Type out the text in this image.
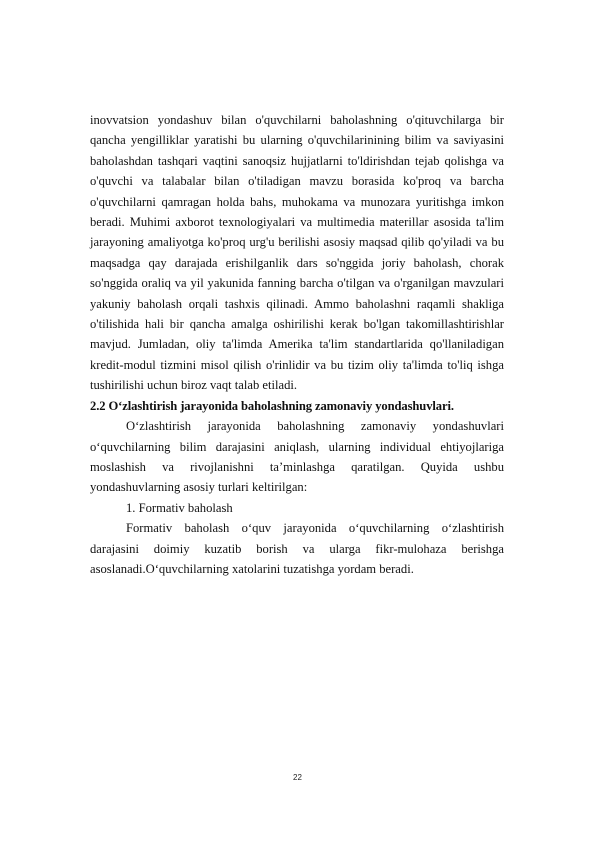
inovvatsion yondashuv bilan o'quvchilarni baholashning o'qituvchilarga bir qancha yengilliklar yaratishi bu ularning o'quvchilarinining bilim va saviyasini baholashdan tashqari vaqtini sanoqsiz hujjatlarni to'ldirishdan tejab qolishga va o'quvchi va talabalar bilan o'tiladigan mavzu borasida ko'proq va barcha o'quvchilarni qamragan holda bahs, muhokama va munozara yuritishga imkon beradi. Muhimi axborot texnologiyalari va multimedia materillar asosida ta'lim jarayoning amaliyotga ko'proq urg'u berilishi asosiy maqsad qilib qo'yiladi va bu maqsadga qay darajada erishilganlik dars so'nggida joriy baholash, chorak so'nggida oraliq va yil yakunida fanning barcha o'tilgan va o'rganilgan mavzulari yakuniy baholash orqali tashxis qilinadi. Ammo baholashni raqamli shakliga o'tilishida hali bir qancha amalga oshirilishi kerak bo'lgan takomillashtirishlar mavjud. Jumladan, oliy ta'limda Amerika ta'lim standartlarida qo'llaniladigan kredit-modul tizmini misol qilish o'rinlidir va bu tizim oliy ta'limda to'liq ishga tushirilishi uchun biroz vaqt talab etiladi.

2.2 O‘zlashtirish jarayonida baholashning zamonaviy yondashuvlari.

O‘zlashtirish jarayonida baholashning zamonaviy yondashuvlari o‘quvchilarning bilim darajasini aniqlash, ularning individual ehtiyojlariga moslashish va rivojlanishni ta’minlashga qaratilgan. Quyida ushbu yondashuvlarning asosiy turlari keltirilgan:

1. Formativ baholash

Formativ baholash o‘quv jarayonida o‘quvchilarning o‘zlashtirish darajasini doimiy kuzatib borish va ularga fikr-mulohaza berishga asoslanadi.O‘quvchilarning xatolarini tuzatishga yordam beradi.

22
